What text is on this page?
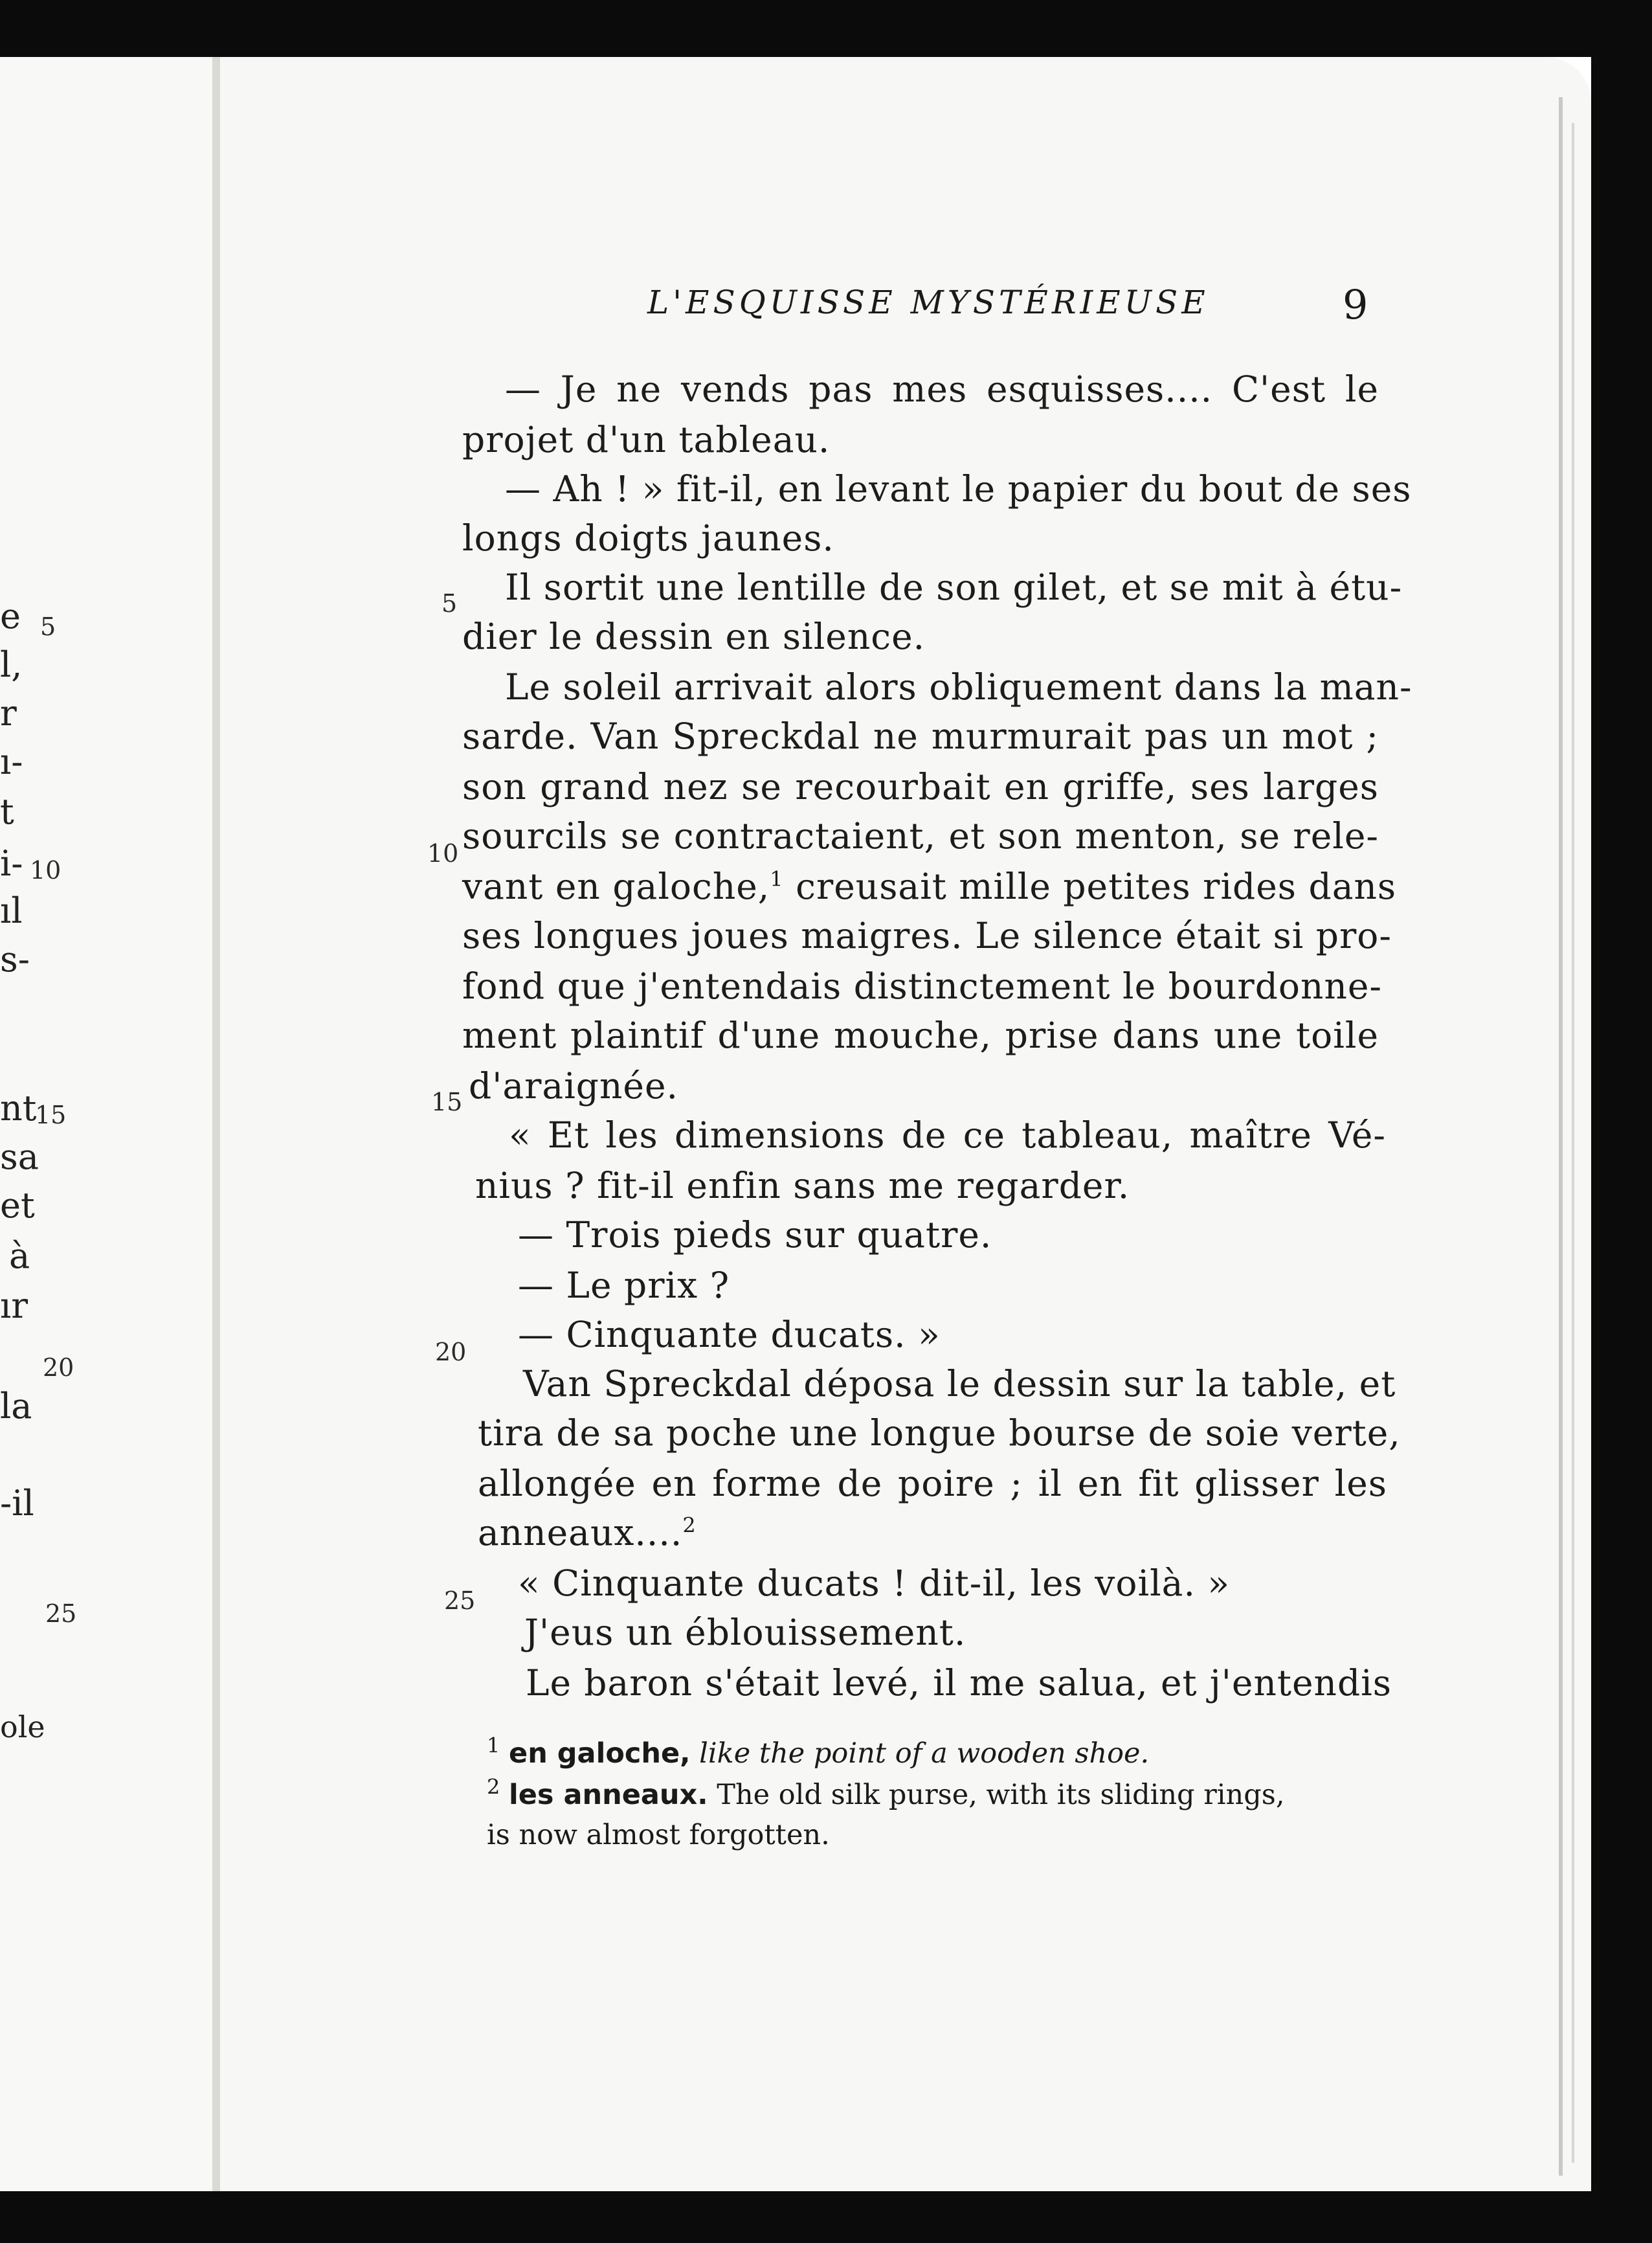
e
l,
r
ı-
t
i-
ıl
s-
nt
sa
et
à
ır
la
-il
ole
5
10
15
20
25
L'ESQUISSE MYSTÉRIEUSE	9
— Je ne vends pas mes esquisses.... C'est le
projet d'un tableau.
— Ah ! » fit-il, en levant le papier du bout de ses
longs doigts jaunes.
Il sortit une lentille de son gilet, et se mit à étu-
dier le dessin en silence.
Le soleil arrivait alors obliquement dans la man-
sarde. Van Spreckdal ne murmurait pas un mot ;
son grand nez se recourbait en griffe, ses larges
sourcils se contractaient, et son menton, se rele-
vant en galoche,$^1$ creusait mille petites rides dans
ses longues joues maigres. Le silence était si pro-
fond que j'entendais distinctement le bourdonne-
ment plaintif d'une mouche, prise dans une toile
d'araignée.
« Et les dimensions de ce tableau, maître Vé-
nius ? fit-il enfin sans me regarder.
— Trois pieds sur quatre.
— Le prix ?
— Cinquante ducats. »
Van Spreckdal déposa le dessin sur la table, et
tira de sa poche une longue bourse de soie verte,
allongée en forme de poire ; il en fit glisser les
anneaux....$^2$
« Cinquante ducats ! dit-il, les voilà. »
J'eus un éblouissement.
Le baron s'était levé, il me salua, et j'entendis
5
10
15
20
25
$^1$ en galoche, like the point of a wooden shoe.
$^2$ les anneaux. The old silk purse, with its sliding rings,
is now almost forgotten.
